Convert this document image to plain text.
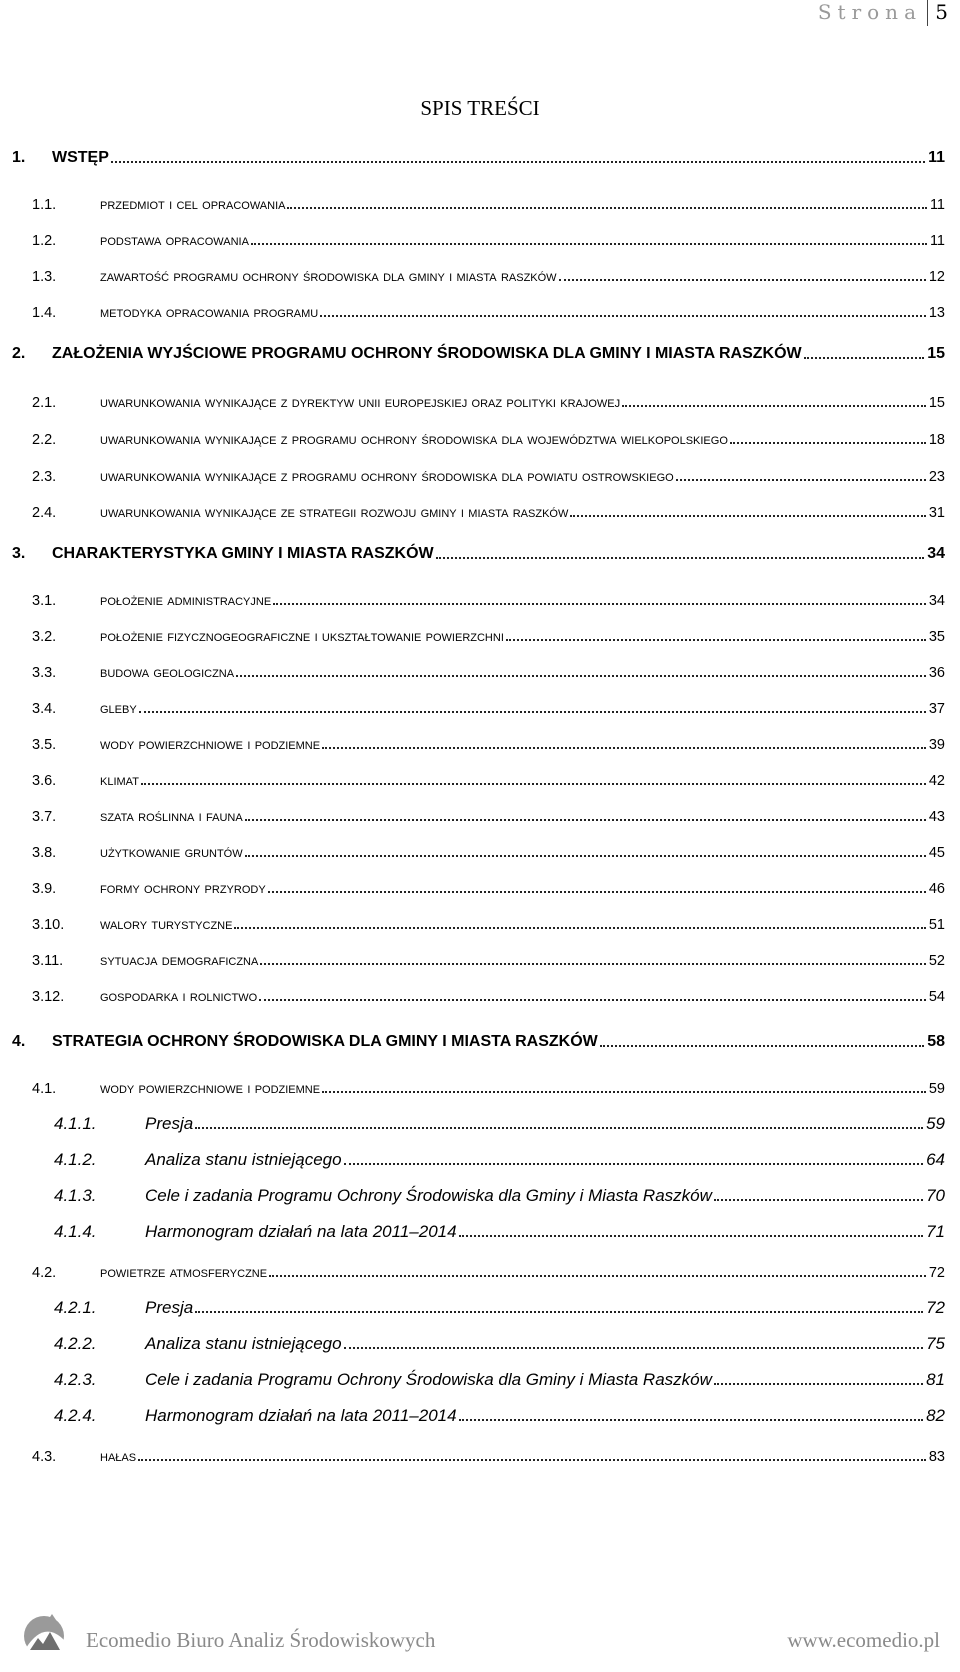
Strona 5
SPIS TREŚCI
1.	WSTĘP	11
1.1.	przedmiot i cel opracowania	11
1.2.	podstawa opracowania	11
1.3.	zawartość programu ochrony środowiska dla gminy i miasta raszków	12
1.4.	metodyka opracowania programu	13
2.	ZAŁOŻENIA WYJŚCIOWE PROGRAMU OCHRONY ŚRODOWISKA DLA GMINY I MIASTA RASZKÓW	15
2.1.	uwarunkowania wynikające z dyrektyw unii europejskiej oraz polityki krajowej	15
2.2.	uwarunkowania wynikające z programu ochrony środowiska dla województwa wielkopolskiego	18
2.3.	uwarunkowania wynikające z programu ochrony środowiska dla powiatu ostrowskiego	23
2.4.	uwarunkowania wynikające ze strategii rozwoju gminy i miasta raszków	31
3.	CHARAKTERYSTYKA GMINY I MIASTA RASZKÓW	34
3.1.	położenie administracyjne	34
3.2.	położenie fizycznogeograficzne i ukształtowanie powierzchni	35
3.3.	budowa geologiczna	36
3.4.	gleby	37
3.5.	wody powierzchniowe i podziemne	39
3.6.	klimat	42
3.7.	szata roślinna i fauna	43
3.8.	użytkowanie gruntów	45
3.9.	formy ochrony przyrody	46
3.10.	walory turystyczne	51
3.11.	sytuacja demograficzna	52
3.12.	gospodarka i rolnictwo	54
4.	STRATEGIA OCHRONY ŚRODOWISKA DLA GMINY I MIASTA RASZKÓW	58
4.1.	wody powierzchniowe i podziemne	59
4.1.1.	Presja	59
4.1.2.	Analiza stanu istniejącego	64
4.1.3.	Cele i zadania Programu Ochrony Środowiska dla Gminy i Miasta Raszków	70
4.1.4.	Harmonogram działań na lata 2011–2014	71
4.2.	powietrze atmosferyczne	72
4.2.1.	Presja	72
4.2.2.	Analiza stanu istniejącego	75
4.2.3.	Cele i zadania Programu Ochrony Środowiska dla Gminy i Miasta Raszków	81
4.2.4.	Harmonogram działań na lata 2011–2014	82
4.3.	hałas	83
Ecomedio Biuro Analiz Środowiskowych	www.ecomedio.pl
